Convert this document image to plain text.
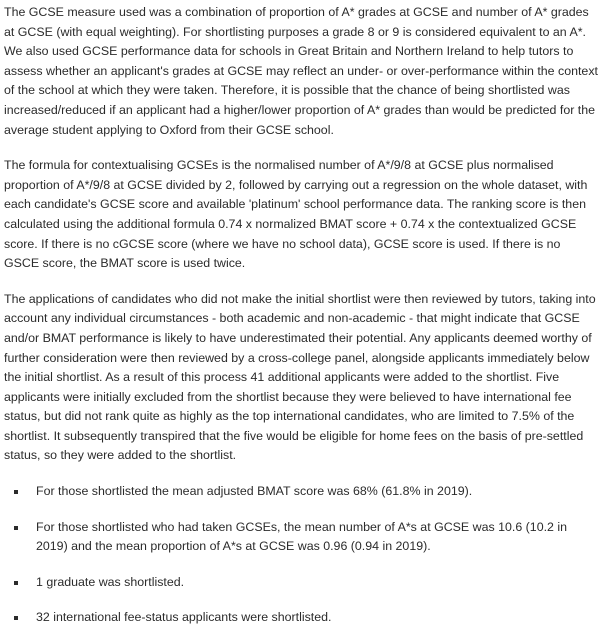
The GCSE measure used was a combination of proportion of A* grades at GCSE and number of A* grades at GCSE (with equal weighting). For shortlisting purposes a grade 8 or 9 is considered equivalent to an A*. We also used GCSE performance data for schools in Great Britain and Northern Ireland to help tutors to assess whether an applicant's grades at GCSE may reflect an under- or over-performance within the context of the school at which they were taken. Therefore, it is possible that the chance of being shortlisted was increased/reduced if an applicant had a higher/lower proportion of A* grades than would be predicted for the average student applying to Oxford from their GCSE school.

The formula for contextualising GCSEs is the normalised number of A*/9/8 at GCSE plus normalised proportion of A*/9/8 at GCSE divided by 2, followed by carrying out a regression on the whole dataset, with each candidate's GCSE score and available 'platinum' school performance data. The ranking score is then calculated using the additional formula 0.74 x normalized BMAT score + 0.74 x the contextualized GCSE score. If there is no cGCSE score (where we have no school data), GCSE score is used. If there is no GSCE score, the BMAT score is used twice.

The applications of candidates who did not make the initial shortlist were then reviewed by tutors, taking into account any individual circumstances - both academic and non-academic - that might indicate that GCSE and/or BMAT performance is likely to have underestimated their potential. Any applicants deemed worthy of further consideration were then reviewed by a cross-college panel, alongside applicants immediately below the initial shortlist. As a result of this process 41 additional applicants were added to the shortlist. Five applicants were initially excluded from the shortlist because they were believed to have international fee status, but did not rank quite as highly as the top international candidates, who are limited to 7.5% of the shortlist. It subsequently transpired that the five would be eligible for home fees on the basis of pre-settled status, so they were added to the shortlist.

For those shortlisted the mean adjusted BMAT score was 68% (61.8% in 2019).
For those shortlisted who had taken GCSEs, the mean number of A*s at GCSE was 10.6 (10.2 in 2019) and the mean proportion of A*s at GCSE was 0.96 (0.94 in 2019).
1 graduate was shortlisted.
32 international fee-status applicants were shortlisted.
